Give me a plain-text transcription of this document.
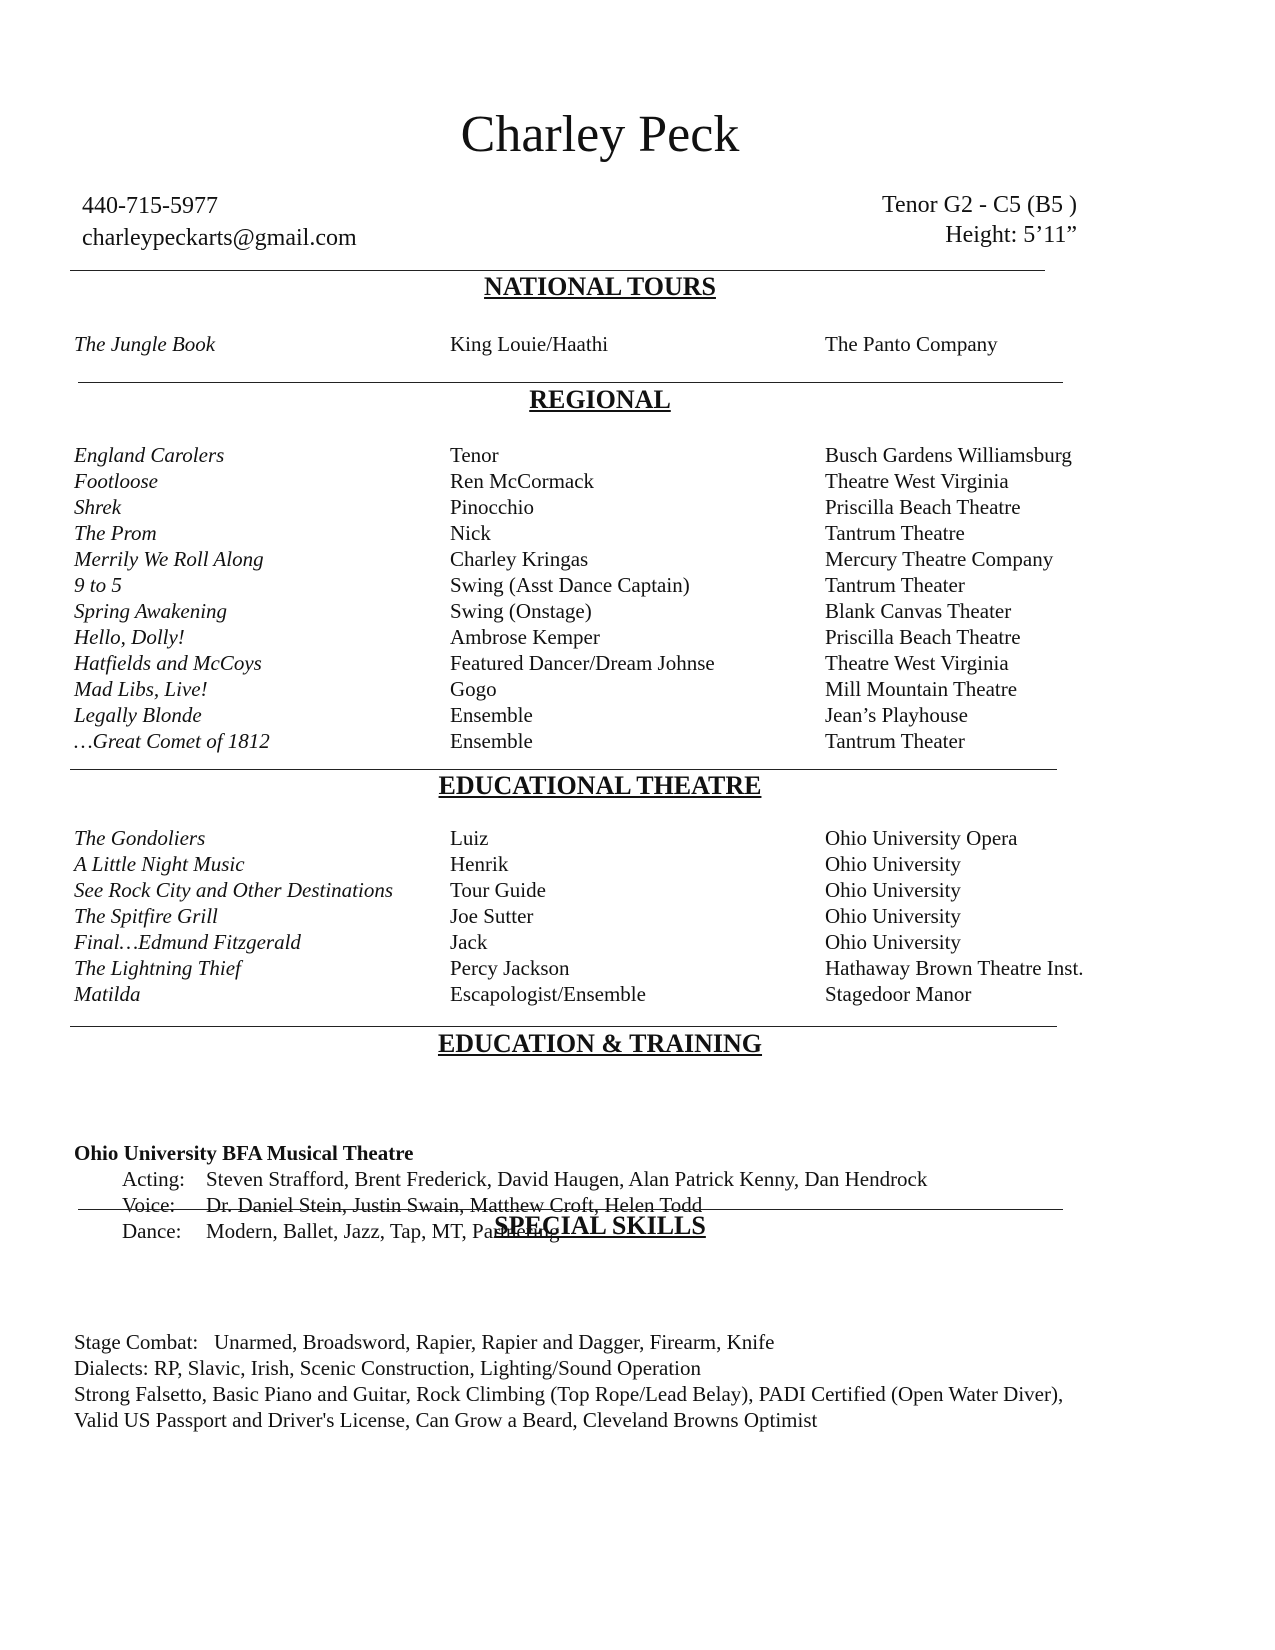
Charley Peck
440-715-5977
charleypeckarts@gmail.com
Tenor G2 - C5 (B5 )
Height: 5’11”
NATIONAL TOURS
The Jungle Book	King Louie/Haathi	The Panto Company
REGIONAL
England Carolers	Tenor	Busch Gardens Williamsburg
Footloose	Ren McCormack	Theatre West Virginia
Shrek	Pinocchio	Priscilla Beach Theatre
The Prom	Nick	Tantrum Theatre
Merrily We Roll Along	Charley Kringas	Mercury Theatre Company
9 to 5	Swing (Asst Dance Captain)	Tantrum Theater
Spring Awakening	Swing (Onstage)	Blank Canvas Theater
Hello, Dolly!	Ambrose Kemper	Priscilla Beach Theatre
Hatfields and McCoys	Featured Dancer/Dream Johnse	Theatre West Virginia
Mad Libs, Live!	Gogo	Mill Mountain Theatre
Legally Blonde	Ensemble	Jean’s Playhouse
…Great Comet of 1812	Ensemble	Tantrum Theater
EDUCATIONAL THEATRE
The Gondoliers	Luiz	Ohio University Opera
A Little Night Music	Henrik	Ohio University
See Rock City and Other Destinations	Tour Guide	Ohio University
The Spitfire Grill	Joe Sutter	Ohio University
Final…Edmund Fitzgerald	Jack	Ohio University
The Lightning Thief	Percy Jackson	Hathaway Brown Theatre Inst.
Matilda	Escapologist/Ensemble	Stagedoor Manor
EDUCATION & TRAINING
Ohio University BFA Musical Theatre
Acting: Steven Strafford, Brent Frederick, David Haugen, Alan Patrick Kenny, Dan Hendrock
Voice: Dr. Daniel Stein, Justin Swain, Matthew Croft, Helen Todd
Dance: Modern, Ballet, Jazz, Tap, MT, Partnering
SPECIAL SKILLS
Stage Combat:   Unarmed, Broadsword, Rapier, Rapier and Dagger, Firearm, Knife
Dialects: RP, Slavic, Irish, Scenic Construction, Lighting/Sound Operation
Strong Falsetto, Basic Piano and Guitar, Rock Climbing (Top Rope/Lead Belay), PADI Certified (Open Water Diver), Valid US Passport and Driver's License, Can Grow a Beard, Cleveland Browns Optimist
